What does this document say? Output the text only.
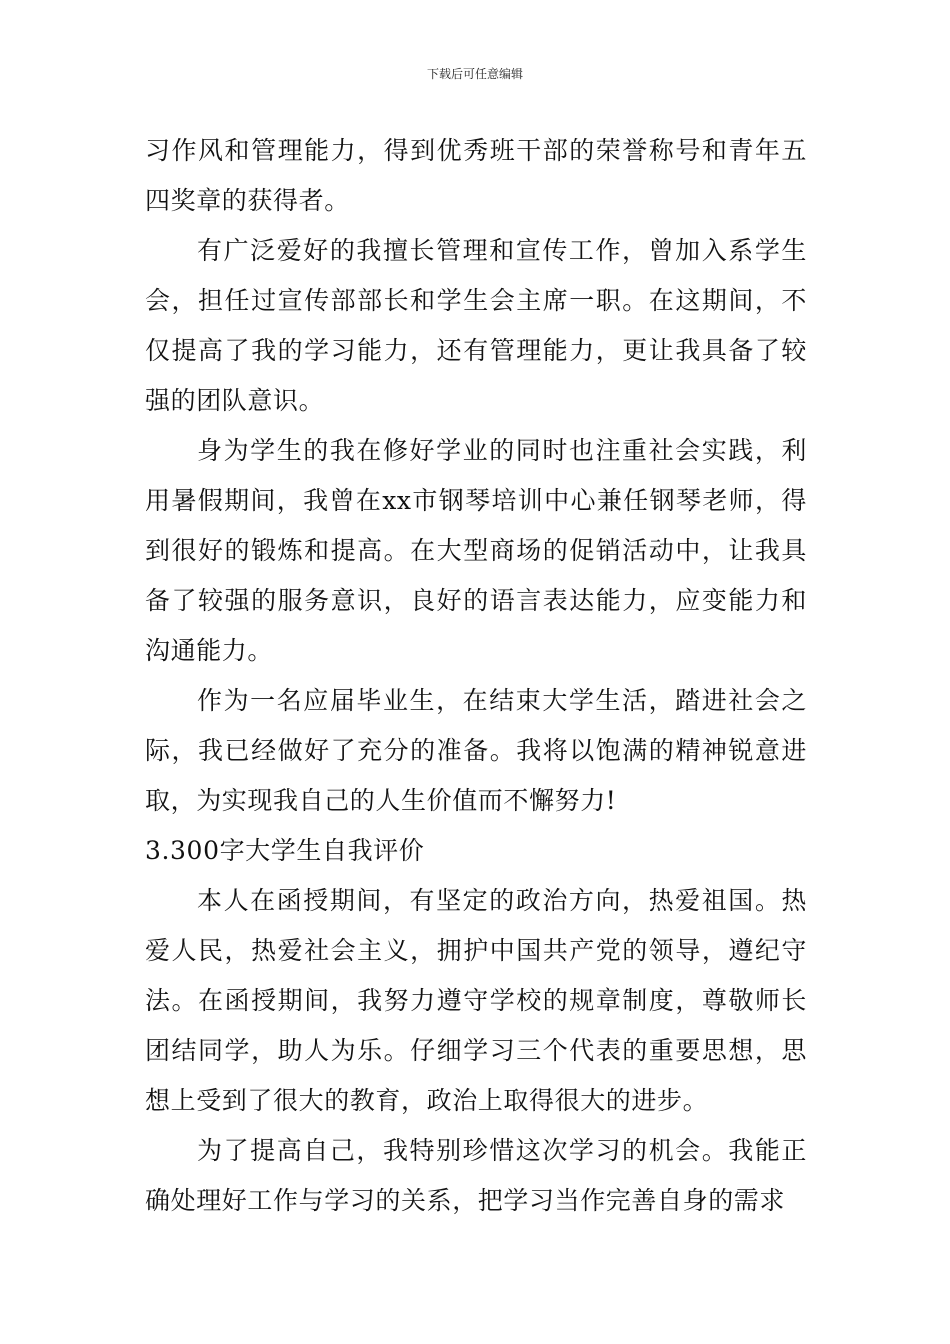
下载后可任意编辑

习作风和管理能力，得到优秀班干部的荣誉称号和青年五四奖章的获得者。

有广泛爱好的我擅长管理和宣传工作，曾加入系学生会，担任过宣传部部长和学生会主席一职。在这期间，不仅提高了我的学习能力，还有管理能力，更让我具备了较强的团队意识。

身为学生的我在修好学业的同时也注重社会实践，利用暑假期间，我曾在xx市钢琴培训中心兼任钢琴老师，得到很好的锻炼和提高。在大型商场的促销活动中，让我具备了较强的服务意识，良好的语言表达能力，应变能力和沟通能力。

作为一名应届毕业生，在结束大学生活，踏进社会之际，我已经做好了充分的准备。我将以饱满的精神锐意进取，为实现我自己的人生价值而不懈努力!

3.300字大学生自我评价

本人在函授期间，有坚定的政治方向，热爱祖国。热爱人民，热爱社会主义，拥护中国共产党的领导，遵纪守法。在函授期间，我努力遵守学校的规章制度，尊敬师长团结同学，助人为乐。仔细学习三个代表的重要思想，思想上受到了很大的教育，政治上取得很大的进步。

为了提高自己，我特别珍惜这次学习的机会。我能正确处理好工作与学习的关系，把学习当作完善自身的需求
